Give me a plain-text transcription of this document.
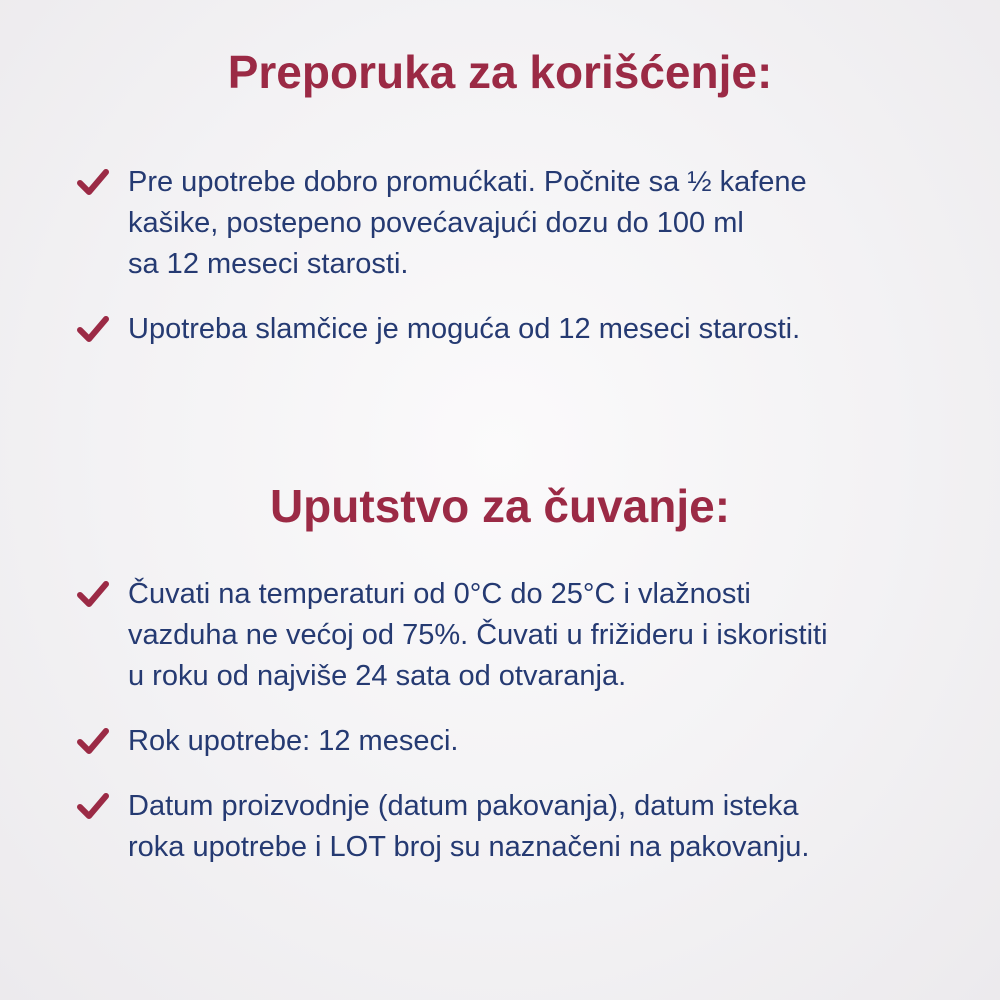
Preporuka za korišćenje:
Pre upotrebe dobro promućkati. Počnite sa ½ kafene
kašike, postepeno povećavajući dozu do 100 ml
sa 12 meseci starosti.
Upotreba slamčice je moguća od 12 meseci starosti.
Uputstvo za čuvanje:
Čuvati na temperaturi od 0°C do 25°C i vlažnosti
vazduha ne većoj od 75%. Čuvati u frižideru i iskoristiti
u roku od najviše 24 sata od otvaranja.
Rok upotrebe: 12 meseci.
Datum proizvodnje (datum pakovanja), datum isteka
roka upotrebe i LOT broj su naznačeni na pakovanju.
